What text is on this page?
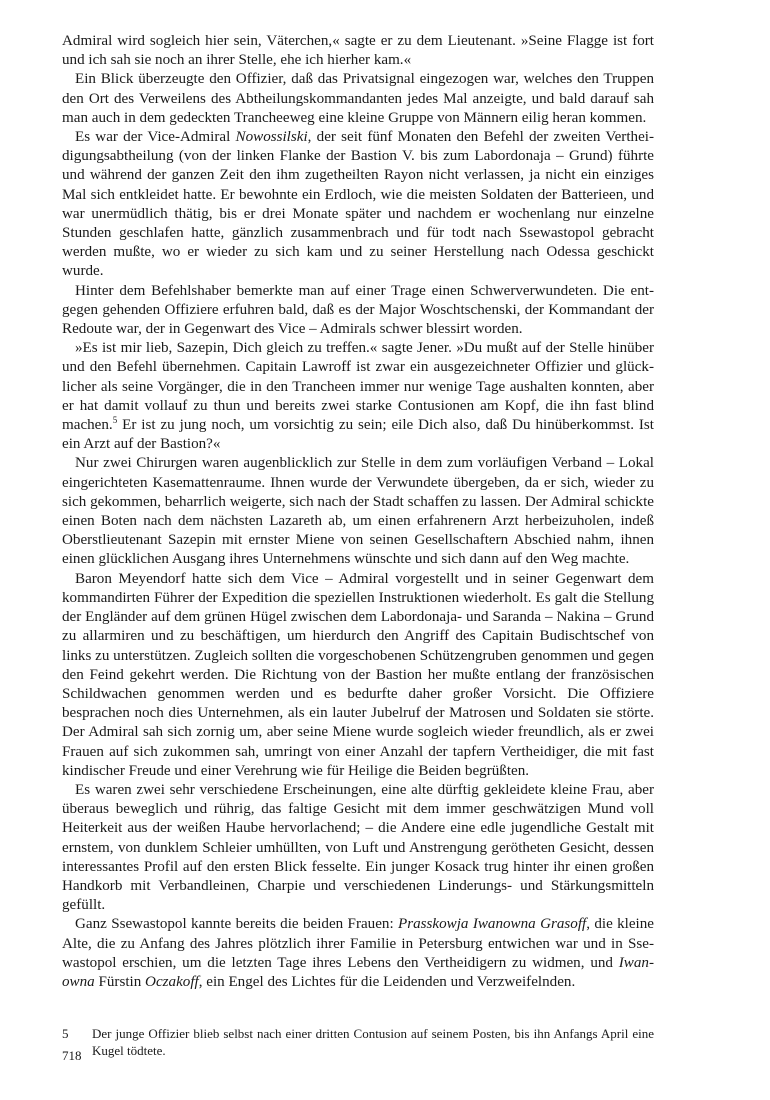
Admiral wird sogleich hier sein, Väterchen,« sagte er zu dem Lieutenant. »Seine Flagge ist fort und ich sah sie noch an ihrer Stelle, ehe ich hierher kam.«

Ein Blick überzeugte den Offizier, daß das Privatsignal eingezogen war, welches den Truppen den Ort des Verweilens des Abtheilungskommandanten jedes Mal anzeigte, und bald darauf sah man auch in dem gedeckten Trancheeweg eine kleine Gruppe von Männern eilig heran kommen.

Es war der Vice-Admiral Nowossilski, der seit fünf Monaten den Befehl der zweiten Vertheidigungsabtheilung (von der linken Flanke der Bastion V. bis zum Labordonaja – Grund) führte und während der ganzen Zeit den ihm zugetheilten Rayon nicht verlassen, ja nicht ein einziges Mal sich entkleidet hatte. Er bewohnte ein Erdloch, wie die meisten Soldaten der Batterieen, und war unermüdlich thätig, bis er drei Monate später und nachdem er wochenlang nur einzelne Stunden geschlafen hatte, gänzlich zusammenbrach und für todt nach Ssewastopol gebracht werden mußte, wo er wieder zu sich kam und zu seiner Herstellung nach Odessa geschickt wurde.

Hinter dem Befehlshaber bemerkte man auf einer Trage einen Schwerverwundeten. Die entgegen gehenden Offiziere erfuhren bald, daß es der Major Woschtschenski, der Kommandant der Redoute war, der in Gegenwart des Vice – Admirals schwer blessirt worden.

»Es ist mir lieb, Sazepin, Dich gleich zu treffen.« sagte Jener. »Du mußt auf der Stelle hinüber und den Befehl übernehmen. Capitain Lawroff ist zwar ein ausgezeichneter Offizier und glücklicher als seine Vorgänger, die in den Trancheen immer nur wenige Tage aushalten konnten, aber er hat damit vollauf zu thun und bereits zwei starke Contusionen am Kopf, die ihn fast blind machen.$^5$ Er ist zu jung noch, um vorsichtig zu sein; eile Dich also, daß Du hinüberkommst. Ist ein Arzt auf der Bastion?«

Nur zwei Chirurgen waren augenblicklich zur Stelle in dem zum vorläufigen Verband – Lokal eingerichteten Kasemattenraume. Ihnen wurde der Verwundete übergeben, da er sich, wieder zu sich gekommen, beharrlich weigerte, sich nach der Stadt schaffen zu lassen. Der Admiral schickte einen Boten nach dem nächsten Lazareth ab, um einen erfahrenern Arzt herbeizuholen, indeß Oberstlieutenant Sazepin mit ernster Miene von seinen Gesellschaftern Abschied nahm, ihnen einen glücklichen Ausgang ihres Unternehmens wünschte und sich dann auf den Weg machte.

Baron Meyendorf hatte sich dem Vice – Admiral vorgestellt und in seiner Gegenwart dem kommandirten Führer der Expedition die speziellen Instruktionen wiederholt. Es galt die Stellung der Engländer auf dem grünen Hügel zwischen dem Labordonaja- und Saranda – Nakina – Grund zu allarmiren und zu beschäftigen, um hierdurch den Angriff des Capitain Budischtschef von links zu unterstützen. Zugleich sollten die vorgeschobenen Schützengruben genommen und gegen den Feind gekehrt werden. Die Richtung von der Bastion her mußte entlang der französischen Schildwachen genommen werden und es bedurfte daher großer Vorsicht. Die Offiziere besprachen noch dies Unternehmen, als ein lauter Jubelruf der Matrosen und Soldaten sie störte. Der Admiral sah sich zornig um, aber seine Miene wurde sogleich wieder freundlich, als er zwei Frauen auf sich zukommen sah, umringt von einer Anzahl der tapfern Vertheidiger, die mit fast kindischer Freude und einer Verehrung wie für Heilige die Beiden begrüßten.

Es waren zwei sehr verschiedene Erscheinungen, eine alte dürftig gekleidete kleine Frau, aber überaus beweglich und rührig, das faltige Gesicht mit dem immer geschwätzigen Mund voll Heiterkeit aus der weißen Haube hervorlachend; – die Andere eine edle jugendliche Gestalt mit ernstem, von dunklem Schleier umhüllten, von Luft und Anstrengung gerötheten Gesicht, dessen interessantes Profil auf den ersten Blick fesselte. Ein junger Kosack trug hinter ihr einen großen Handkorb mit Verbandleinen, Charpie und verschiedenen Linderungs- und Stärkungsmitteln gefüllt.

Ganz Ssewastopol kannte bereits die beiden Frauen: Prasskowja Iwanowna Grasoff, die kleine Alte, die zu Anfang des Jahres plötzlich ihrer Familie in Petersburg entwichen war und in Ssewastopol erschien, um die letzten Tage ihres Lebens den Vertheidigern zu widmen, und Iwanowna Fürstin Oczakoff, ein Engel des Lichtes für die Leidenden und Verzweifelnden.

5	Der junge Offizier blieb selbst nach einer dritten Contusion auf seinem Posten, bis ihn Anfangs April eine Kugel tödtete.
718
